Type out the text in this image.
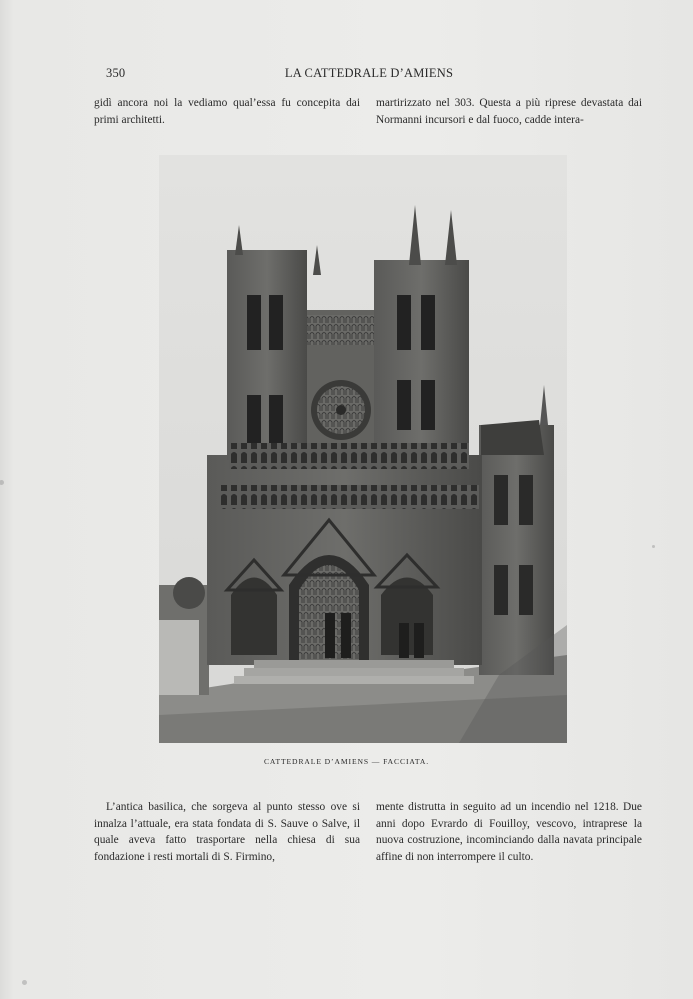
350	LA CATTEDRALE D’AMIENS

gidì ancora noi la vediamo qual’essa fu concepita dai primi architetti.

martirizzato nel 303. Questa a più riprese devastata dai Normanni incursori e dal fuoco, cadde intera-

CATTEDRALE D’AMIENS — FACCIATA.

L’antica basilica, che sorgeva al punto stesso ove si innalza l’attuale, era stata fondata di S. Sauve o Salve, il quale aveva fatto trasportare nella chiesa di sua fondazione i resti mortali di S. Firmino,

mente distrutta in seguito ad un incendio nel 1218. Due anni dopo Evrardo di Fouilloy, vescovo, intraprese la nuova costruzione, incominciando dalla navata principale affine di non interrompere il culto.
